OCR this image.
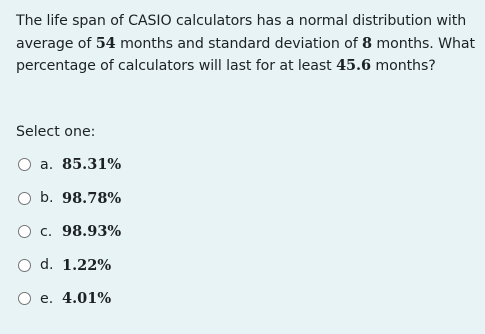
The life span of CASIO calculators has a normal distribution with average of 54 months and standard deviation of 8 months. What percentage of calculators will last for at least 45.6 months?
Select one:
a. 85.31%
b. 98.78%
c. 98.93%
d. 1.22%
e. 4.01%
